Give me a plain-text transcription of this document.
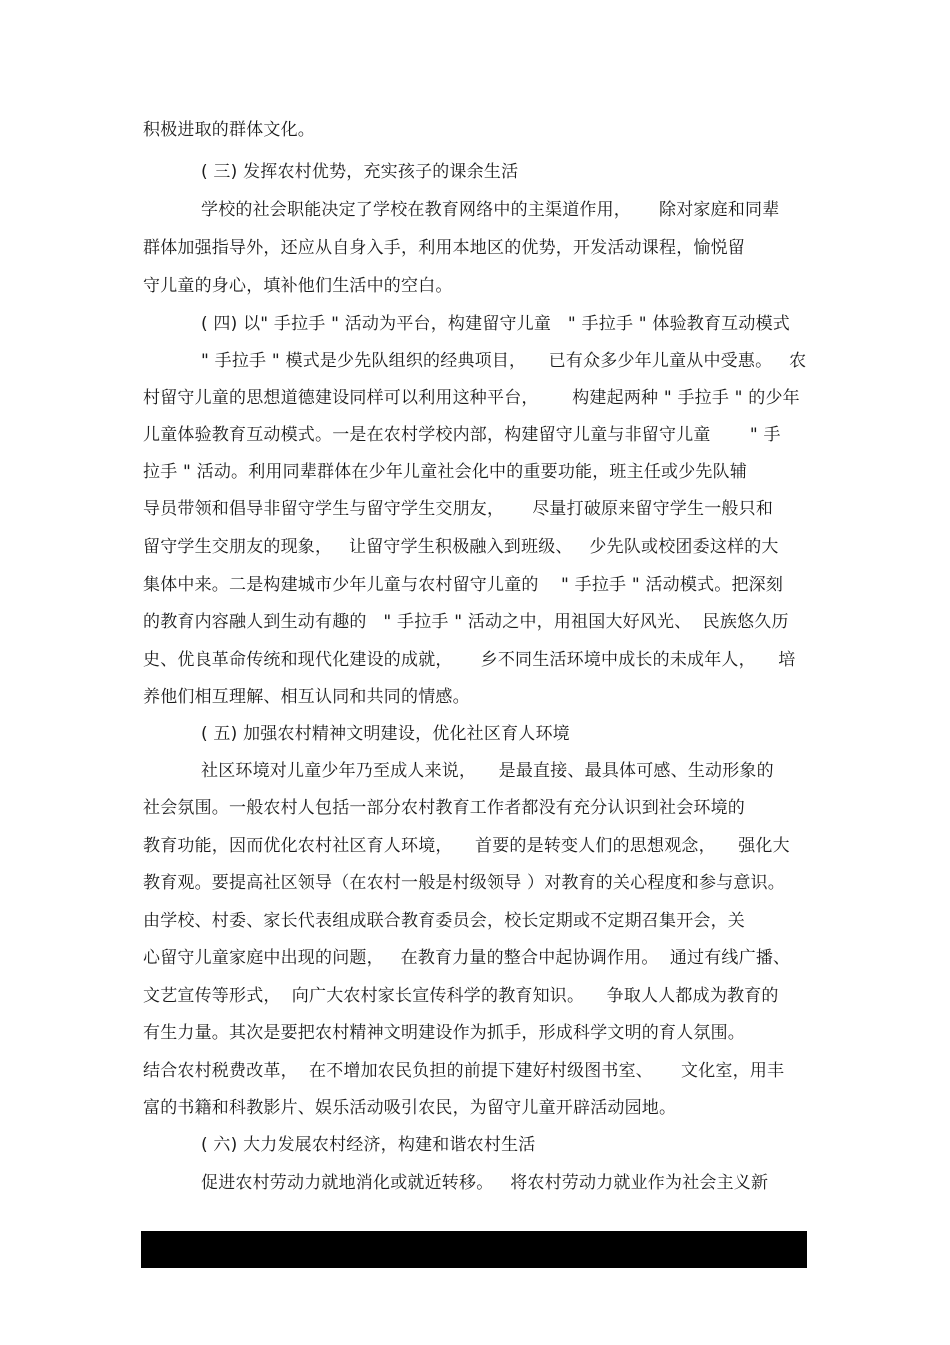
积极进取的群体文化。
( 三) 发挥农村优势，充实孩子的课余生活
学校的社会职能决定了学校在教育网络中的主渠道作用，     除对家庭和同辈
群体加强指导外，还应从自身入手，利用本地区的优势，开发活动课程，愉悦留
守儿童的身心，填补他们生活中的空白。
( 四) 以" 手拉手 " 活动为平台，构建留守儿童   " 手拉手 " 体验教育互动模式
" 手拉手 " 模式是少先队组织的经典项目，    已有众多少年儿童从中受惠。   农
村留守儿童的思想道德建设同样可以利用这种平台，      构建起两种 " 手拉手 " 的少年
儿童体验教育互动模式。一是在农村学校内部，构建留守儿童与非留守儿童       " 手
拉手 " 活动。利用同辈群体在少年儿童社会化中的重要功能，班主任或少先队辅
导员带领和倡导非留守学生与留守学生交朋友，     尽量打破原来留守学生一般只和
留守学生交朋友的现象，   让留守学生积极融入到班级、   少先队或校团委这样的大
集体中来。二是构建城市少年儿童与农村留守儿童的    " 手拉手 " 活动模式。把深刻
的教育内容融人到生动有趣的   " 手拉手 " 活动之中，用祖国大好风光、  民族悠久历
史、优良革命传统和现代化建设的成就，     乡不同生活环境中成长的未成年人，    培
养他们相互理解、相互认同和共同的情感。
( 五) 加强农村精神文明建设，优化社区育人环境
社区环境对儿童少年乃至成人来说，    是最直接、最具体可感、生动形象的
社会氛围。一般农村人包括一部分农村教育工作者都没有充分认识到社会环境的
教育功能，因而优化农村社区育人环境，    首要的是转变人们的思想观念，    强化大
教育观。要提高社区领导（在农村一般是村级领导 ）对教育的关心程度和参与意识。
由学校、村委、家长代表组成联合教育委员会，校长定期或不定期召集开会，关
心留守儿童家庭中出现的问题，   在教育力量的整合中起协调作用。  通过有线广播、
文艺宣传等形式，  向广大农村家长宣传科学的教育知识。    争取人人都成为教育的
有生力量。其次是要把农村精神文明建设作为抓手，形成科学文明的育人氛围。
结合农村税费改革，  在不增加农民负担的前提下建好村级图书室、     文化室，用丰
富的书籍和科教影片、娱乐活动吸引农民，为留守儿童开辟活动园地。
( 六) 大力发展农村经济，构建和谐农村生活
促进农村劳动力就地消化或就近转移。   将农村劳动力就业作为社会主义新
